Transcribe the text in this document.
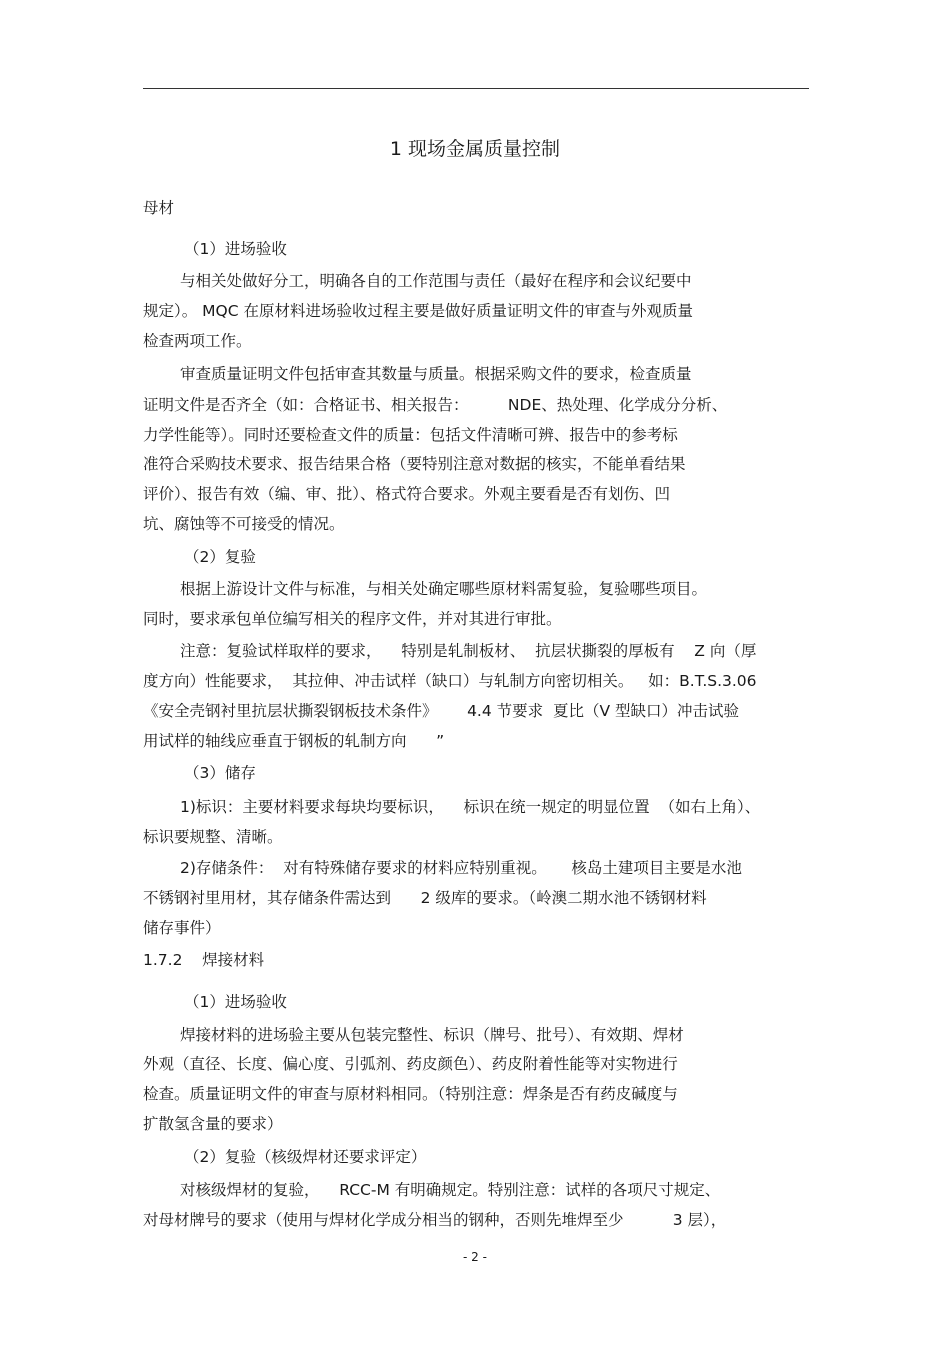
1 现场金属质量控制
母材
（1）进场验收
与相关处做好分工，明确各自的工作范围与责任（最好在程序和会议纪要中
规定）。 MQC 在原材料进场验收过程主要是做好质量证明文件的审查与外观质量
检查两项工作。
审查质量证明文件包括审查其数量与质量。根据采购文件的要求，检查质量
证明文件是否齐全（如：合格证书、相关报告：        NDE、热处理、化学成分分析、
力学性能等）。同时还要检查文件的质量：包括文件清晰可辨、报告中的参考标
准符合采购技术要求、报告结果合格（要特别注意对数据的核实，不能单看结果
评价）、报告有效（编、审、批）、格式符合要求。外观主要看是否有划伤、凹
坑、腐蚀等不可接受的情况。
（2）复验
根据上游设计文件与标准，与相关处确定哪些原材料需复验，复验哪些项目。
同时，要求承包单位编写相关的程序文件，并对其进行审批。
注意：复验试样取样的要求，    特别是轧制板材、  抗层状撕裂的厚板有    Z 向（厚
度方向）性能要求，  其拉伸、冲击试样（缺口）与轧制方向密切相关。   如：B.T.S.3.06
《安全壳钢衬里抗层状撕裂钢板技术条件》      4.4 节要求  夏比（V 型缺口）冲击试验
用试样的轴线应垂直于钢板的轧制方向      ”
（3）储存
1)标识：主要材料要求每块均要标识，    标识在统一规定的明显位置  （如右上角）、
标识要规整、清晰。
2)存储条件：  对有特殊储存要求的材料应特别重视。     核岛土建项目主要是水池
不锈钢衬里用材，其存储条件需达到      2 级库的要求。（岭澳二期水池不锈钢材料
储存事件）
1.7.2    焊接材料
（1）进场验收
焊接材料的进场验主要从包装完整性、标识（牌号、批号）、有效期、焊材
外观（直径、长度、偏心度、引弧剂、药皮颜色）、药皮附着性能等对实物进行
检查。质量证明文件的审查与原材料相同。（特别注意：焊条是否有药皮碱度与
扩散氢含量的要求）
（2）复验（核级焊材还要求评定）
对核级焊材的复验，    RCC-M 有明确规定。特别注意：试样的各项尺寸规定、
对母材牌号的要求（使用与焊材化学成分相当的钢种，否则先堆焊至少          3 层），
- 2 -
